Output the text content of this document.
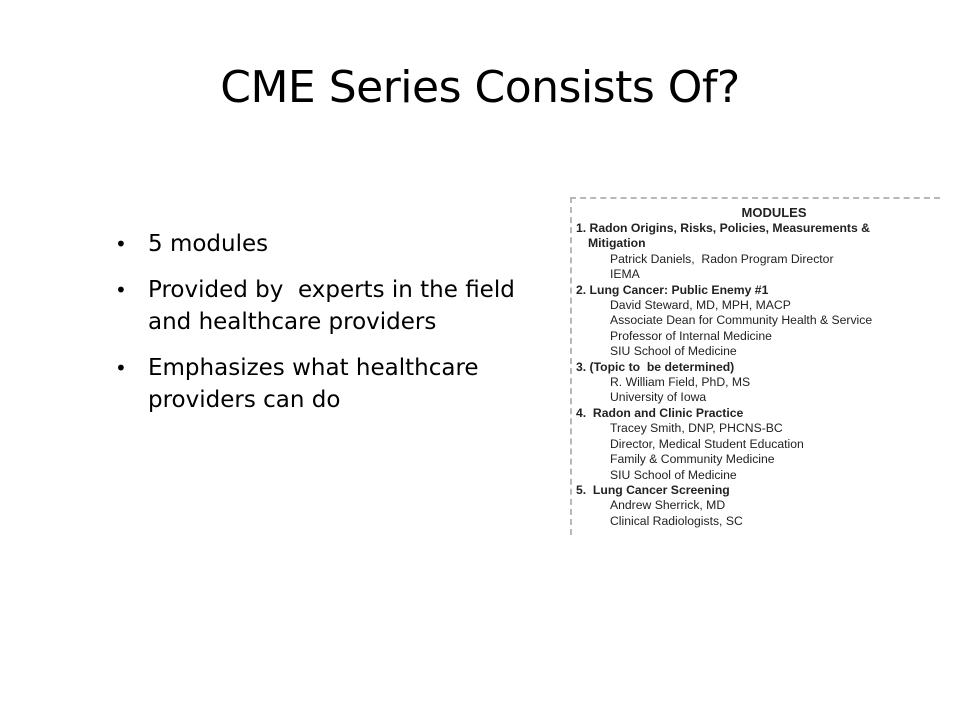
CME Series Consists Of?
• 5 modules
• Provided by  experts in the field and healthcare providers
• Emphasizes what healthcare providers can do
MODULES
1. Radon Origins, Risks, Policies, Measurements &
Mitigation
Patrick Daniels,  Radon Program Director
IEMA
2. Lung Cancer: Public Enemy #1
David Steward, MD, MPH, MACP
Associate Dean for Community Health & Service
Professor of Internal Medicine
SIU School of Medicine
3. (Topic to  be determined)
R. William Field, PhD, MS
University of Iowa
4.  Radon and Clinic Practice
Tracey Smith, DNP, PHCNS-BC
Director, Medical Student Education
Family & Community Medicine
SIU School of Medicine
5.  Lung Cancer Screening
Andrew Sherrick, MD
Clinical Radiologists, SC
